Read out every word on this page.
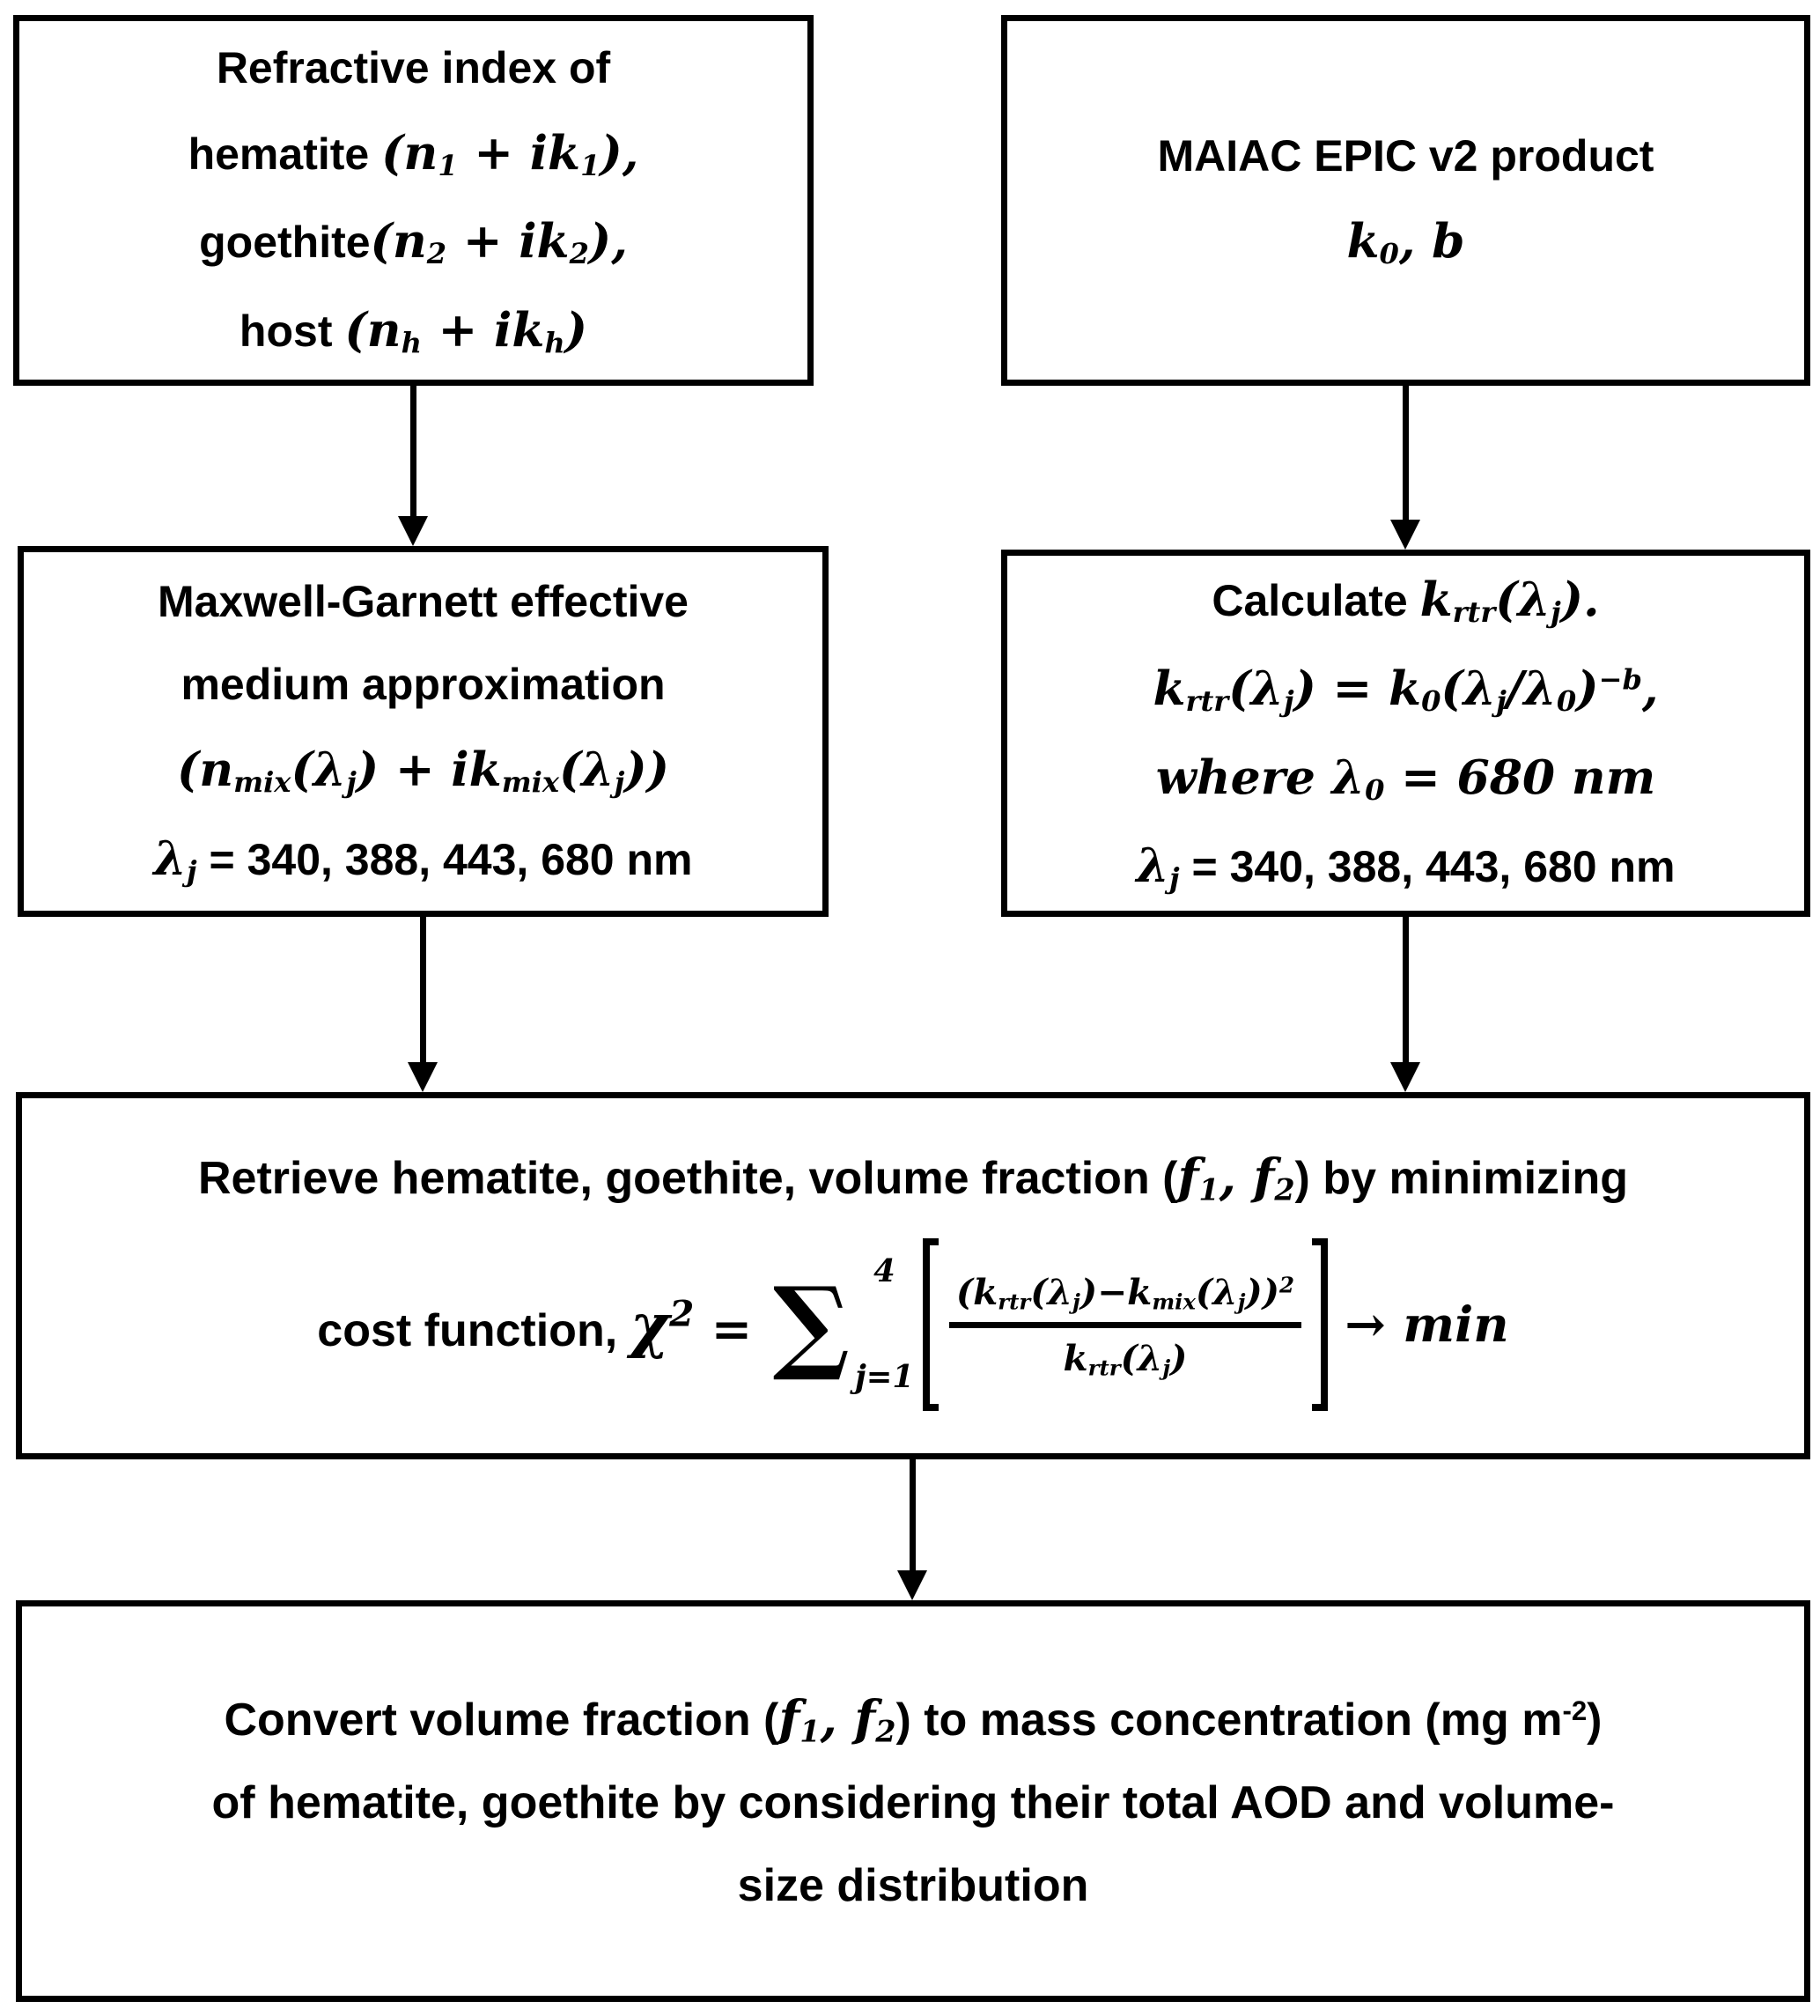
Refractive index of
hematite $(n_1 + ik_1)$,
$goethite(n_2 + ik_2)$,
host $(n_h + ik_h)$
MAIAC EPIC v2 product
$k_0$, b
Maxwell-Garnett effective
medium approximation
$(n_{mix}(\lambda_j) + ik_{mix}(\lambda_j))$
$\lambda_j = 340$, 388, 443, 680 nm
Calculate $k_{rtr}(\lambda_j)$.
$k_{rtr}(\lambda_j) = k_0(\lambda_j/\lambda_0)^{-b}$,
where $\lambda_0 = 680$ nm
$\lambda_j = 340$, 388, 443, 680 nm
Retrieve hematite, goethite, volume fraction ($f_1$, $f_2$) by minimizing
cost function, $\chi^2$ = ∑ 4
j=1
$(k_{rtr}(\lambda_j)-k_{mix}(\lambda_j))^2$
$k_{rtr}(\lambda_j)$
→ min
Convert volume fraction ($f_1$, $f_2$) to mass concentration (mg $m^{-2}$)
of hematite, goethite by considering their total AOD and volume-
size distribution
